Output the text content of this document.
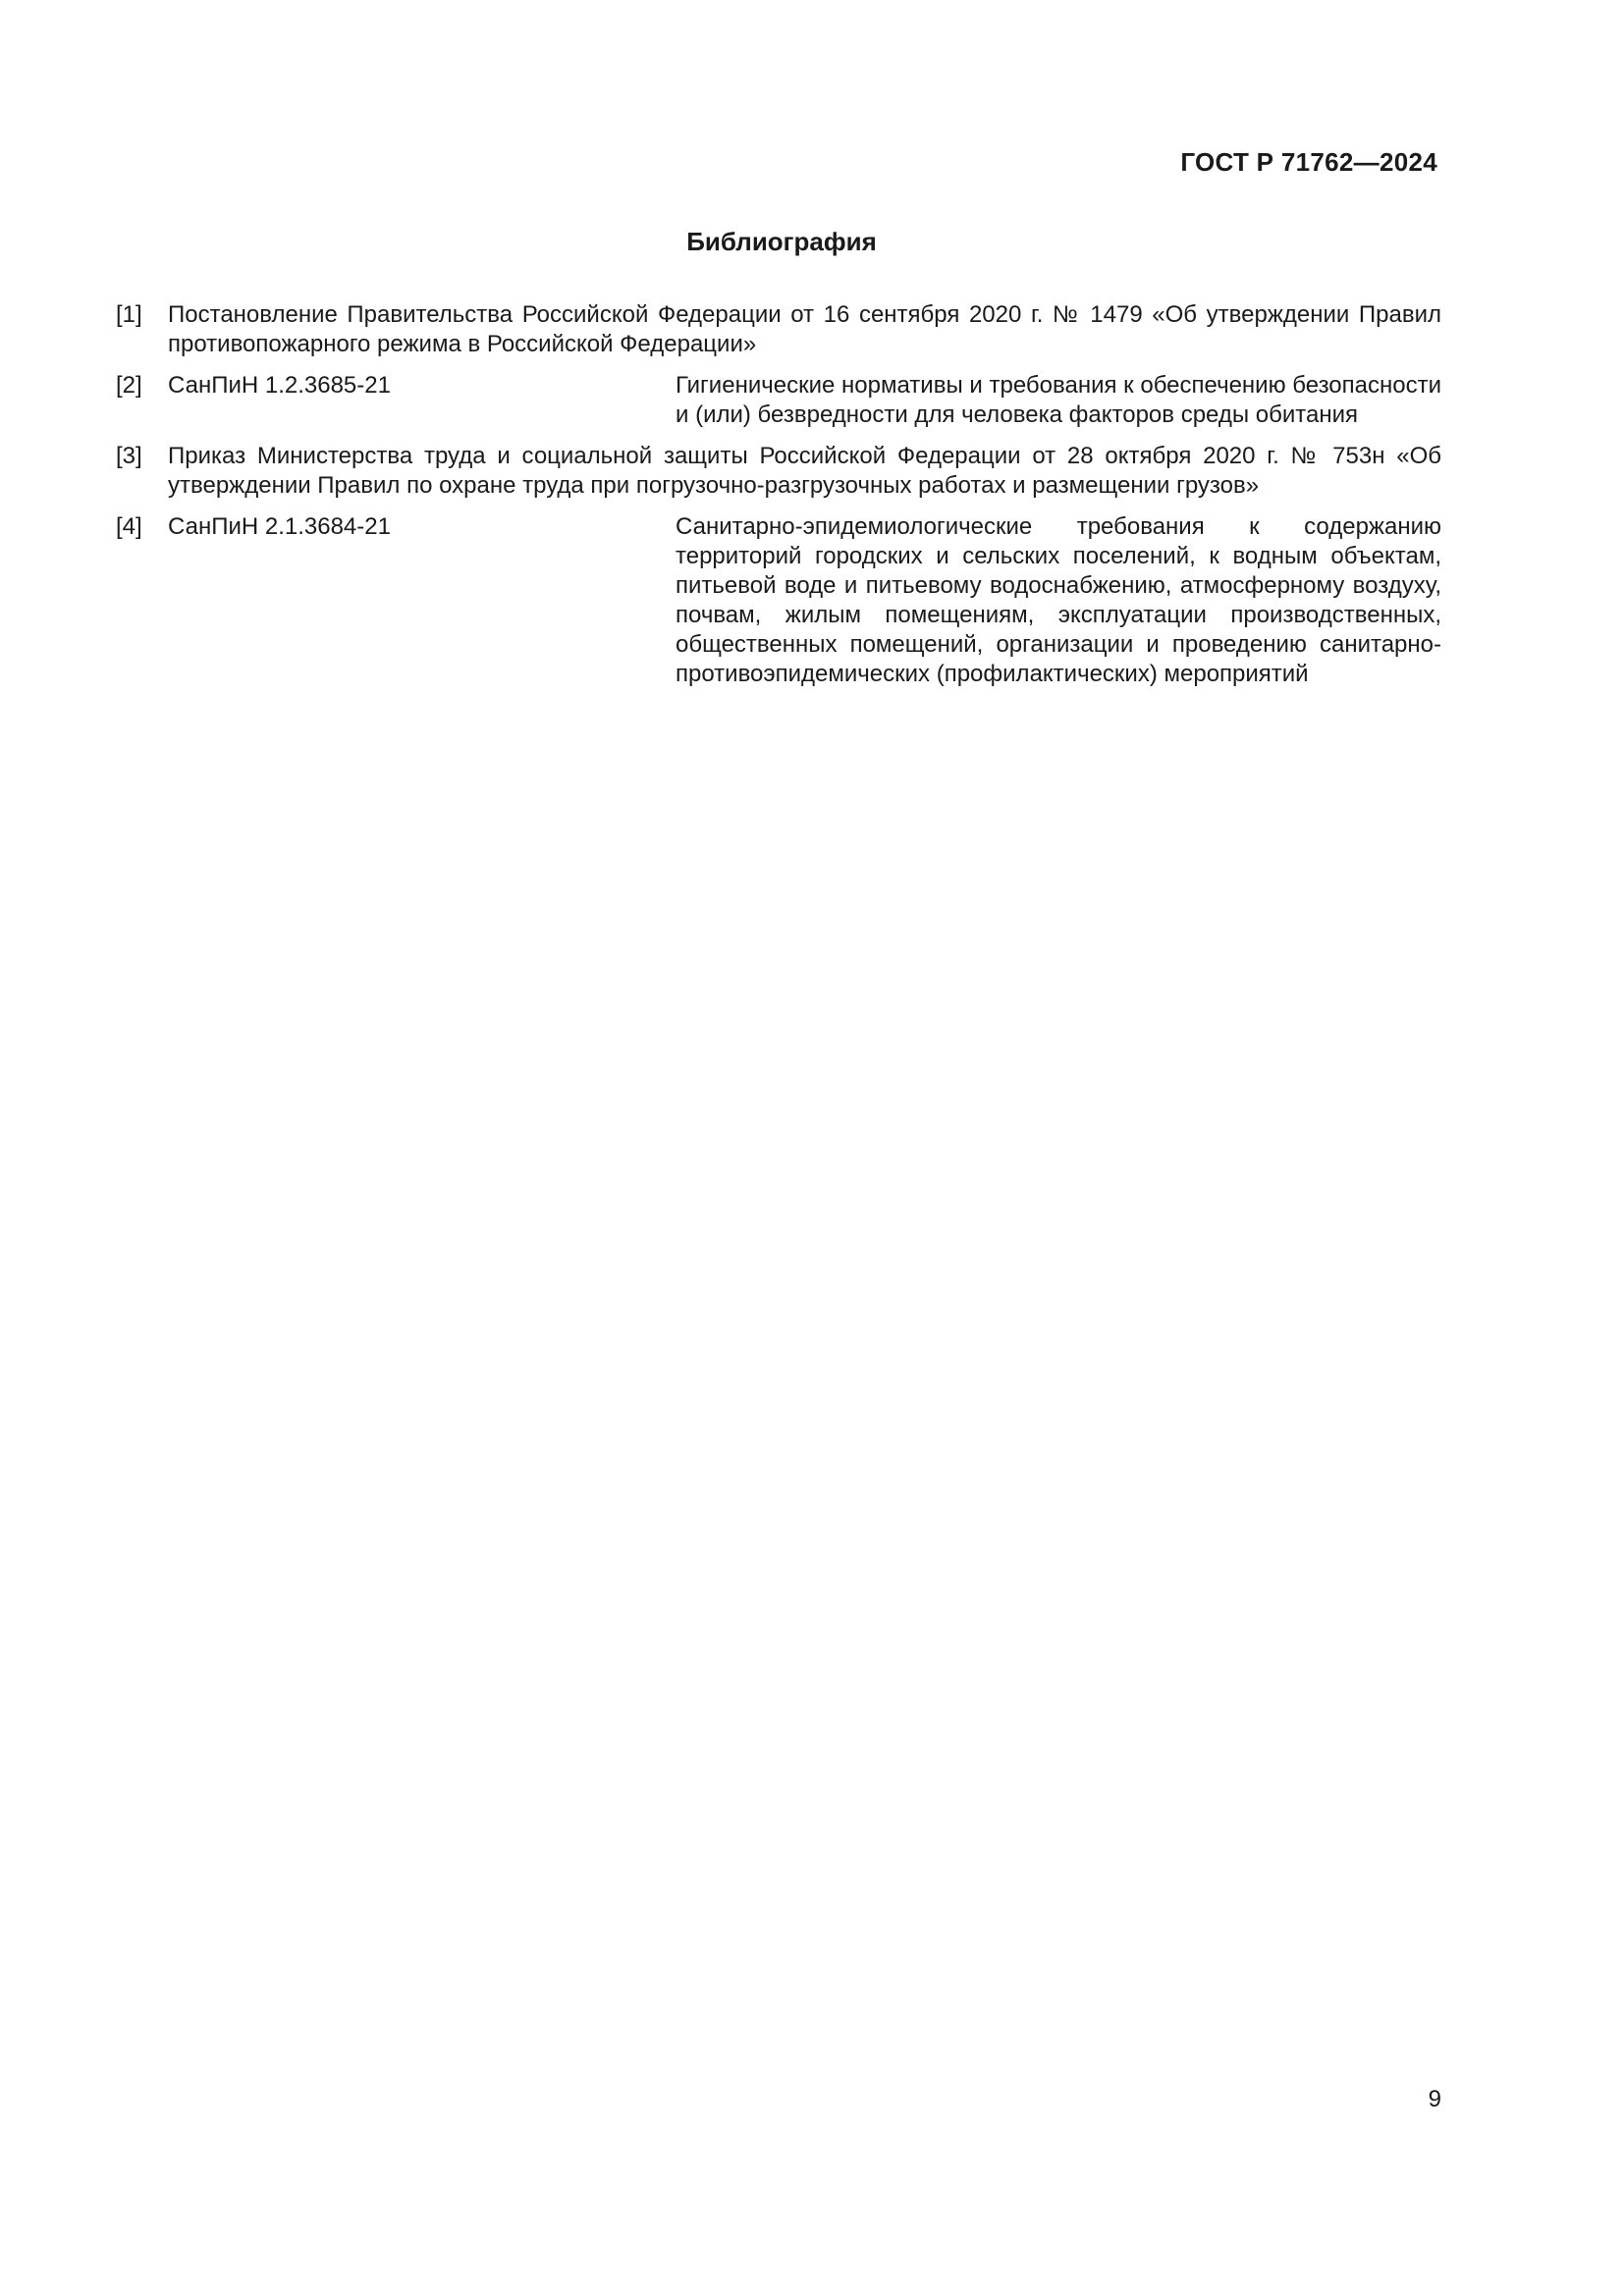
ГОСТ Р 71762—2024
Библиография
[1] Постановление Правительства Российской Федерации от 16 сентября 2020 г. № 1479 «Об утверждении Правил противопожарного режима в Российской Федерации»
[2] СанПиН 1.2.3685-21	Гигиенические нормативы и требования к обеспечению безопасности и (или) безвредности для человека факторов среды обитания
[3] Приказ Министерства труда и социальной защиты Российской Федерации от 28 октября 2020 г. № 753н «Об утверждении Правил по охране труда при погрузочно-разгрузочных работах и размещении грузов»
[4] СанПиН 2.1.3684-21	Санитарно-эпидемиологические требования к содержанию территорий городских и сельских поселений, к водным объектам, питьевой воде и питьевому водоснабжению, атмосферному воздуху, почвам, жилым помещениям, эксплуатации производственных, общественных помещений, организации и проведению санитарно-противоэпидемических (профилактических) мероприятий
9
